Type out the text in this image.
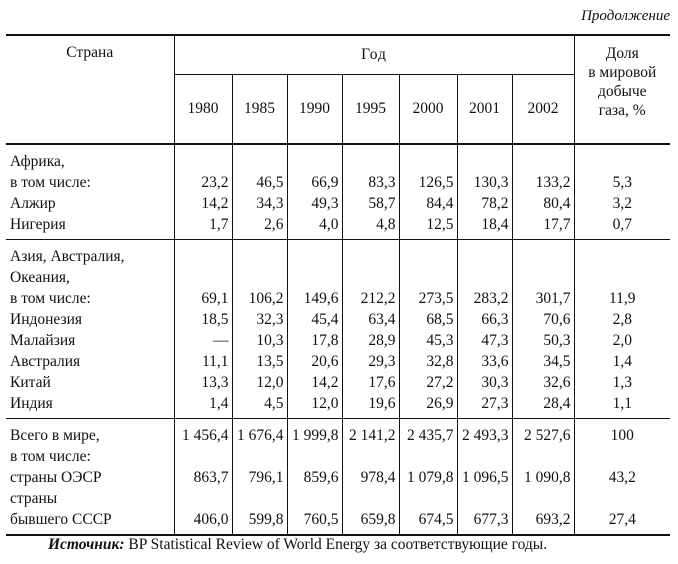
Продолжение
Страна	Год							Доля
в мировой
добыче
газа, %

	1980	1985	1990	1995	2000	2001	2002	

Африка,
в том числе:	23,2	46,5	66,9	83,3	126,5	130,3	133,2	5,3

Алжир	14,2	34,3	49,3	58,7	84,4	78,2	80,4	3,2

Нигерия	1,7	2,6	4,0	4,8	12,5	18,4	17,7	0,7

Азия, Австралия,
Океания,
в том числе:	69,1	106,2	149,6	212,2	273,5	283,2	301,7	11,9

Индонезия	18,5	32,3	45,4	63,4	68,5	66,3	70,6	2,8

Малайзия	—	10,3	17,8	28,9	45,3	47,3	50,3	2,0

Австралия	11,1	13,5	20,6	29,3	32,8	33,6	34,5	1,4

Китай	13,3	12,0	14,2	17,6	27,2	30,3	32,6	1,3

Индия	1,4	4,5	12,0	19,6	26,9	27,3	28,4	1,1

Всего в мире,
в том числе:	1 456,4	1 676,4	1 999,8	2 141,2	2 435,7	2 493,3	2 527,6	100

страны ОЭСР	863,7	796,1	859,6	978,4	1 079,8	1 096,5	1 090,8	43,2

страны
бывшего СССР	406,0	599,8	760,5	659,8	674,5	677,3	693,2	27,4
Источник: BP Statistical Review of World Energy за соответствующие годы.
